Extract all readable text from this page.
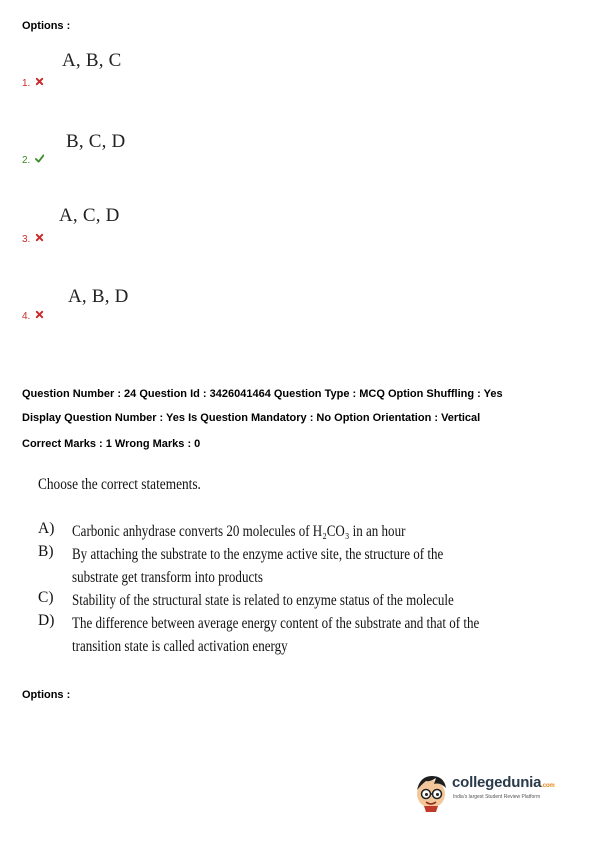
Options :
A, B, C
1.
B, C, D
2.
A, C, D
3.
A, B, D
4.
Question Number : 24 Question Id : 3426041464 Question Type : MCQ Option Shuffling : Yes
Display Question Number : Yes Is Question Mandatory : No Option Orientation : Vertical
Correct Marks : 1 Wrong Marks : 0
Choose the correct statements.
A)	Carbonic anhydrase converts 20 molecules of H₂CO₃ in an hour
B)	By attaching the substrate to the enzyme active site, the structure of the
substrate get transform into products
C)	Stability of the structural state is related to enzyme status of the molecule
D)	The difference between average energy content of the substrate and that of the
transition state is called activation energy
Options :
collegedunia.com
India's largest Student Review Platform
